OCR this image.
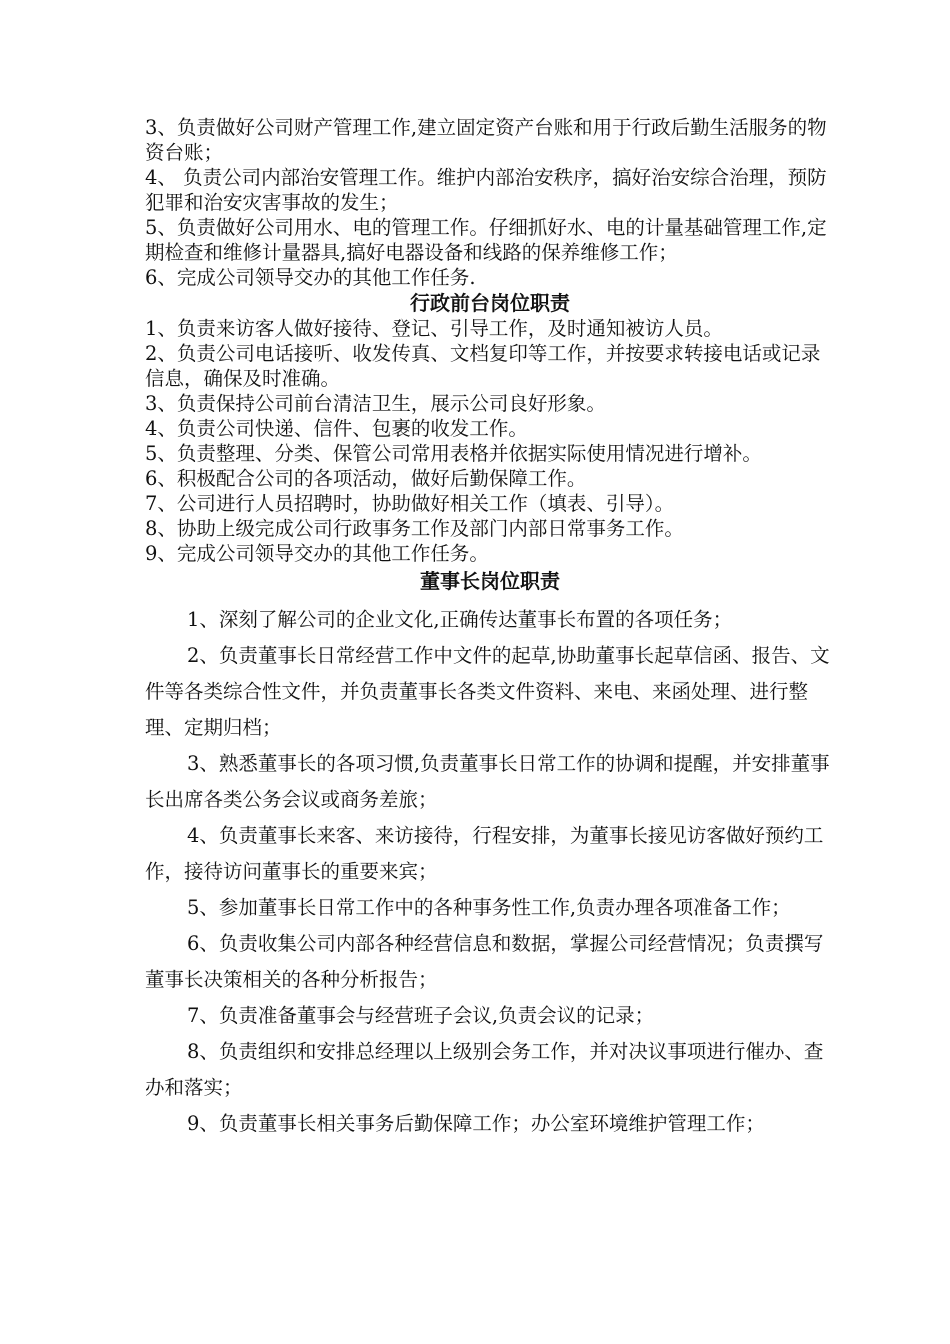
3、负责做好公司财产管理工作,建立固定资产台账和用于行政后勤生活服务的物资台账；

4、 负责公司内部治安管理工作。维护内部治安秩序，搞好治安综合治理，预防犯罪和治安灾害事故的发生；

5、负责做好公司用水、电的管理工作。仔细抓好水、电的计量基础管理工作,定期检查和维修计量器具,搞好电器设备和线路的保养维修工作；

6、完成公司领导交办的其他工作任务.

行政前台岗位职责

1、负责来访客人做好接待、登记、引导工作，及时通知被访人员。

2、负责公司电话接听、收发传真、文档复印等工作，并按要求转接电话或记录信息，确保及时准确。

3、负责保持公司前台清洁卫生，展示公司良好形象。

4、负责公司快递、信件、包裹的收发工作。

5、负责整理、分类、保管公司常用表格并依据实际使用情况进行增补。

6、积极配合公司的各项活动，做好后勤保障工作。

7、公司进行人员招聘时，协助做好相关工作（填表、引导）。

8、协助上级完成公司行政事务工作及部门内部日常事务工作。

9、完成公司领导交办的其他工作任务。

董事长岗位职责

1、深刻了解公司的企业文化,正确传达董事长布置的各项任务；

2、负责董事长日常经营工作中文件的起草,协助董事长起草信函、报告、文件等各类综合性文件，并负责董事长各类文件资料、来电、来函处理、进行整理、定期归档；

3、熟悉董事长的各项习惯,负责董事长日常工作的协调和提醒，并安排董事长出席各类公务会议或商务差旅；

4、负责董事长来客、来访接待，行程安排，为董事长接见访客做好预约工作，接待访问董事长的重要来宾；

5、参加董事长日常工作中的各种事务性工作,负责办理各项准备工作；

6、负责收集公司内部各种经营信息和数据，掌握公司经营情况；负责撰写董事长决策相关的各种分析报告；

7、负责准备董事会与经营班子会议,负责会议的记录；

8、负责组织和安排总经理以上级别会务工作，并对决议事项进行催办、查办和落实；

9、负责董事长相关事务后勤保障工作；办公室环境维护管理工作；
